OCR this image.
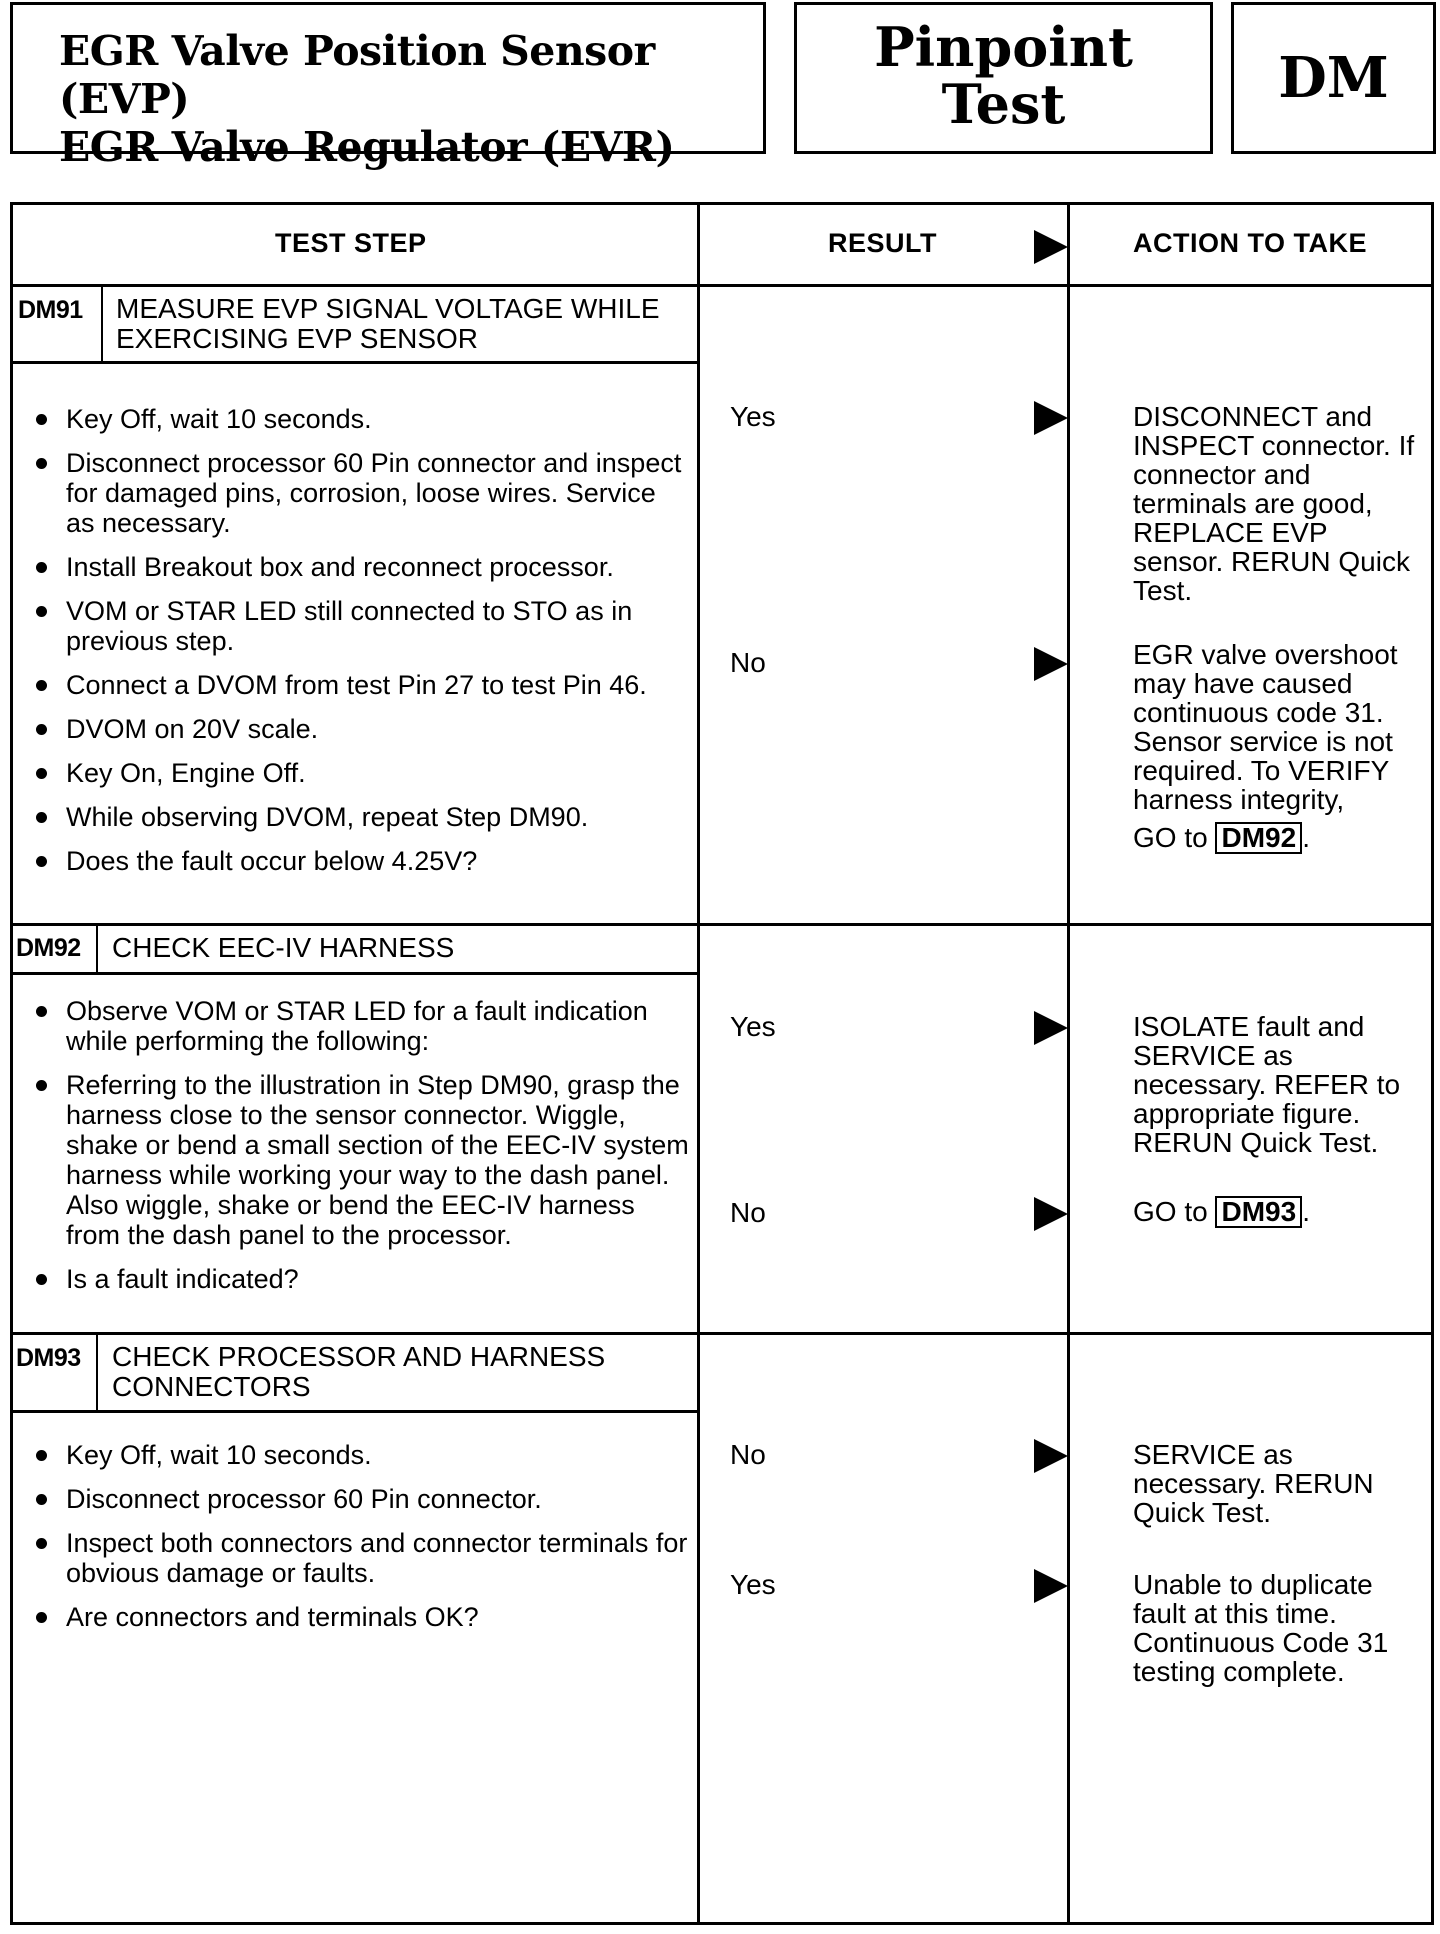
EGR Valve Position Sensor (EVP)
EGR Valve Regulator (EVR)
Pinpoint
Test	DM
TEST STEP	RESULT	ACTION TO TAKE
DM91 MEASURE EVP SIGNAL VOLTAGE WHILE EXERCISING EVP SENSOR
Key Off, wait 10 seconds.
Disconnect processor 60 Pin connector and inspect for damaged pins, corrosion, loose wires. Service as necessary.
Install Breakout box and reconnect processor.
VOM or STAR LED still connected to STO as in previous step.
Connect a DVOM from test Pin 27 to test Pin 46.
DVOM on 20V scale.
Key On, Engine Off.
While observing DVOM, repeat Step DM90.
Does the fault occur below 4.25V?
Yes	DISCONNECT and INSPECT connector. If connector and terminals are good, REPLACE EVP sensor. RERUN Quick Test.
No	EGR valve overshoot may have caused continuous code 31. Sensor service is not required. To VERIFY harness integrity,
GO to DM92 .
DM92 CHECK EEC-IV HARNESS
Observe VOM or STAR LED for a fault indication while performing the following:
Referring to the illustration in Step DM90, grasp the harness close to the sensor connector. Wiggle, shake or bend a small section of the EEC-IV system harness while working your way to the dash panel. Also wiggle, shake or bend the EEC-IV harness from the dash panel to the processor.
Is a fault indicated?
Yes	ISOLATE fault and SERVICE as necessary. REFER to appropriate figure. RERUN Quick Test.
No	GO to DM93 .
DM93 CHECK PROCESSOR AND HARNESS CONNECTORS
Key Off, wait 10 seconds.
Disconnect processor 60 Pin connector.
Inspect both connectors and connector terminals for obvious damage or faults.
Are connectors and terminals OK?
No	SERVICE as necessary. RERUN Quick Test.
Yes	Unable to duplicate fault at this time. Continuous Code 31 testing complete.
